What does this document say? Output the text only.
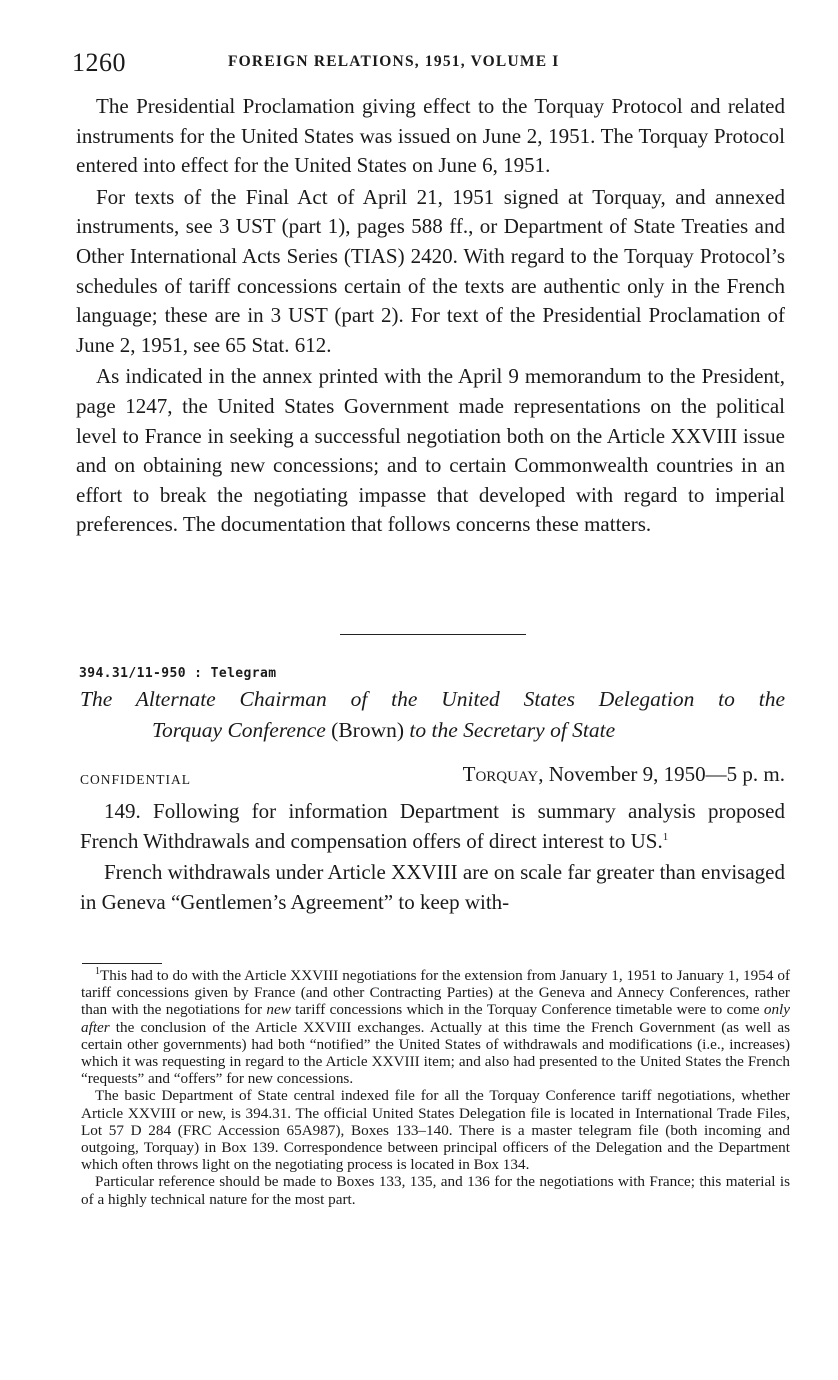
1260	FOREIGN RELATIONS, 1951, VOLUME I

The Presidential Proclamation giving effect to the Torquay Protocol and related instruments for the United States was issued on June 2, 1951. The Torquay Protocol entered into effect for the United States on June 6, 1951.

For texts of the Final Act of April 21, 1951 signed at Torquay, and annexed instruments, see 3 UST (part 1), pages 588 ff., or Department of State Treaties and Other International Acts Series (TIAS) 2420. With regard to the Torquay Protocol’s schedules of tariff concessions certain of the texts are authentic only in the French language; these are in 3 UST (part 2). For text of the Presidential Proclamation of June 2, 1951, see 65 Stat. 612.

As indicated in the annex printed with the April 9 memorandum to the President, page 1247, the United States Government made representations on the political level to France in seeking a successful negotiation both on the Article XXVIII issue and on obtaining new concessions; and to certain Commonwealth countries in an effort to break the negotiating impasse that developed with regard to imperial preferences. The documentation that follows concerns these matters.

394.31/11-950 : Telegram
The Alternate Chairman of the United States Delegation to the
Torquay Conference (Brown) to the Secretary of State
CONFIDENTIAL	Torquay, November 9, 1950—5 p. m.

149. Following for information Department is summary analysis proposed French Withdrawals and compensation offers of direct interest to US.$^1$

French withdrawals under Article XXVIII are on scale far greater than envisaged in Geneva “Gentlemen’s Agreement” to keep with-

$^1$This had to do with the Article XXVIII negotiations for the extension from January 1, 1951 to January 1, 1954 of tariff concessions given by France (and other Contracting Parties) at the Geneva and Annecy Conferences, rather than with the negotiations for new tariff concessions which in the Torquay Conference timetable were to come only after the conclusion of the Article XXVIII exchanges. Actually at this time the French Government (as well as certain other governments) had both “notified” the United States of withdrawals and modifications (i.e., increases) which it was requesting in regard to the Article XXVIII item; and also had presented to the United States the French “requests” and “offers” for new concessions.

The basic Department of State central indexed file for all the Torquay Conference tariff negotiations, whether Article XXVIII or new, is 394.31. The official United States Delegation file is located in International Trade Files, Lot 57 D 284 (FRC Accession 65A987), Boxes 133–140. There is a master telegram file (both incoming and outgoing, Torquay) in Box 139. Correspondence between principal officers of the Delegation and the Department which often throws light on the negotiating process is located in Box 134.

Particular reference should be made to Boxes 133, 135, and 136 for the negotiations with France; this material is of a highly technical nature for the most part.
